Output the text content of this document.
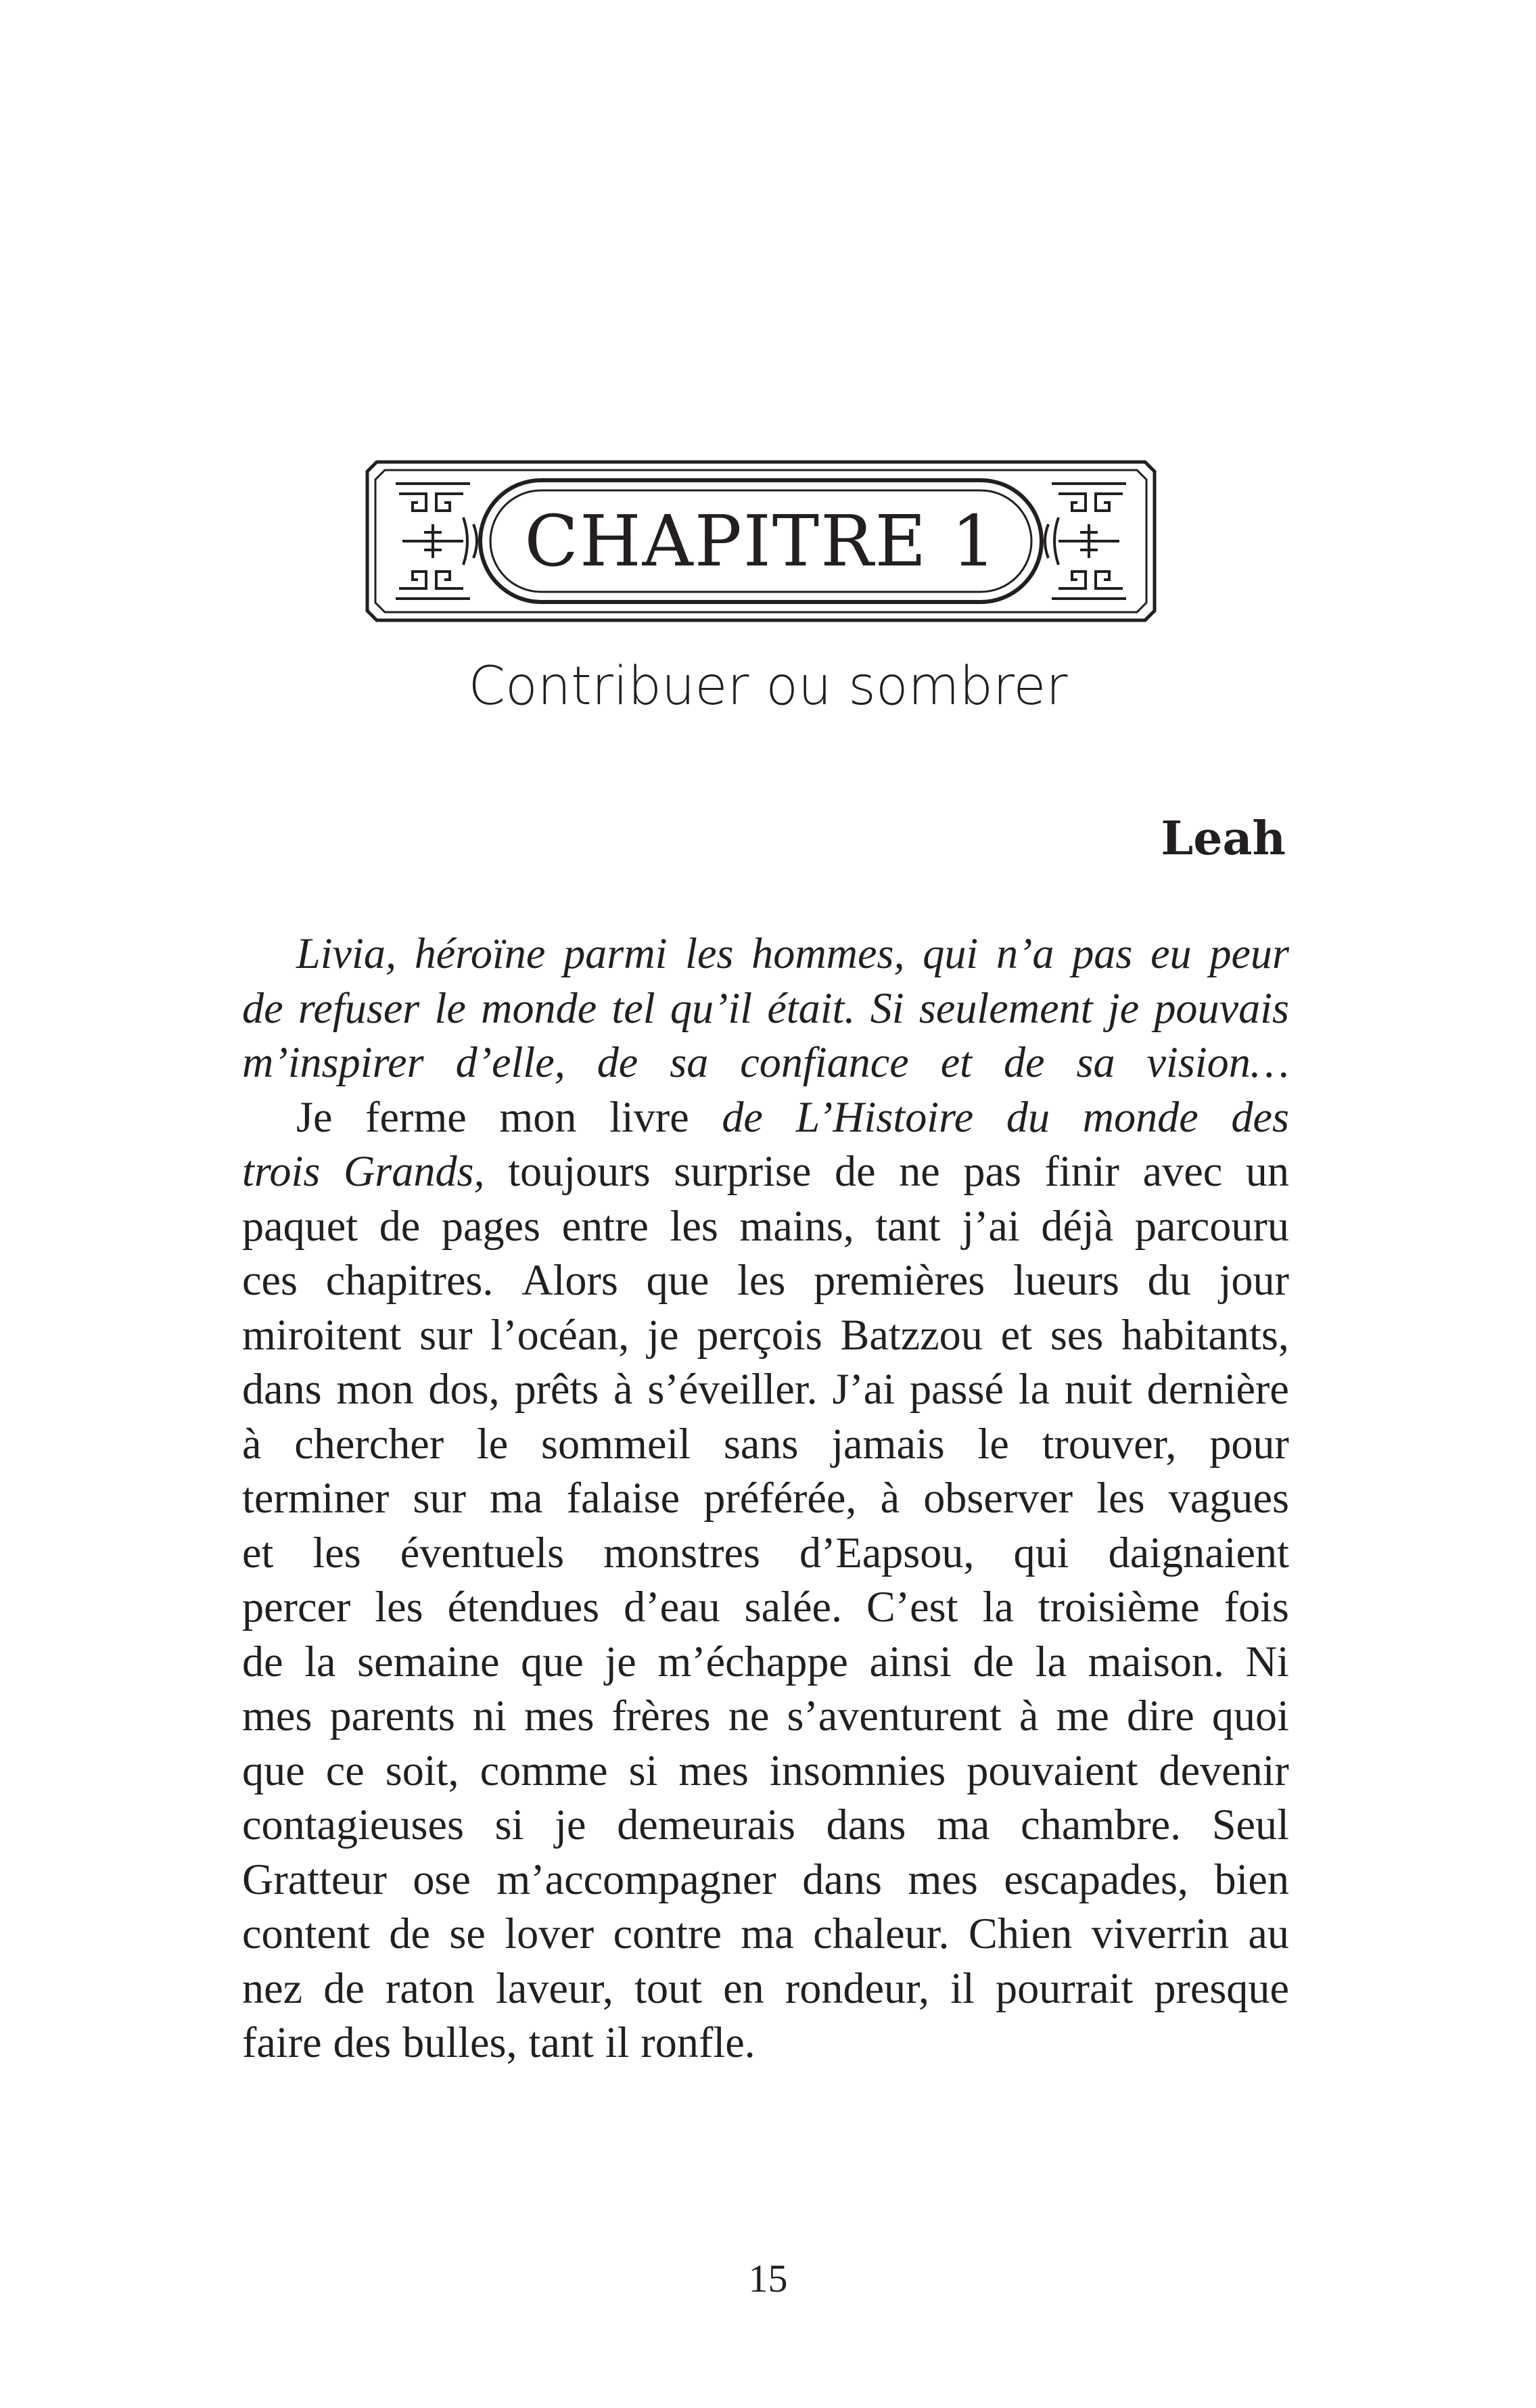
CHAPITRE 1
Contribuer ou sombrer
Leah
Livia, héroïne parmi les hommes, qui n’a pas eu peur
de refuser le monde tel qu’il était. Si seulement je pouvais
m’inspirer d’elle, de sa confiance et de sa vision…
Je ferme mon livre de L’Histoire du monde des
trois Grands, toujours surprise de ne pas finir avec un
paquet de pages entre les mains, tant j’ai déjà parcouru
ces chapitres. Alors que les premières lueurs du jour
miroitent sur l’océan, je perçois Batzzou et ses habitants,
dans mon dos, prêts à s’éveiller. J’ai passé la nuit dernière
à chercher le sommeil sans jamais le trouver, pour
terminer sur ma falaise préférée, à observer les vagues
et les éventuels monstres d’Eapsou, qui daignaient
percer les étendues d’eau salée. C’est la troisième fois
de la semaine que je m’échappe ainsi de la maison. Ni
mes parents ni mes frères ne s’aventurent à me dire quoi
que ce soit, comme si mes insomnies pouvaient devenir
contagieuses si je demeurais dans ma chambre. Seul
Gratteur ose m’accompagner dans mes escapades, bien
content de se lover contre ma chaleur. Chien viverrin au
nez de raton laveur, tout en rondeur, il pourrait presque
faire des bulles, tant il ronfle.
15
